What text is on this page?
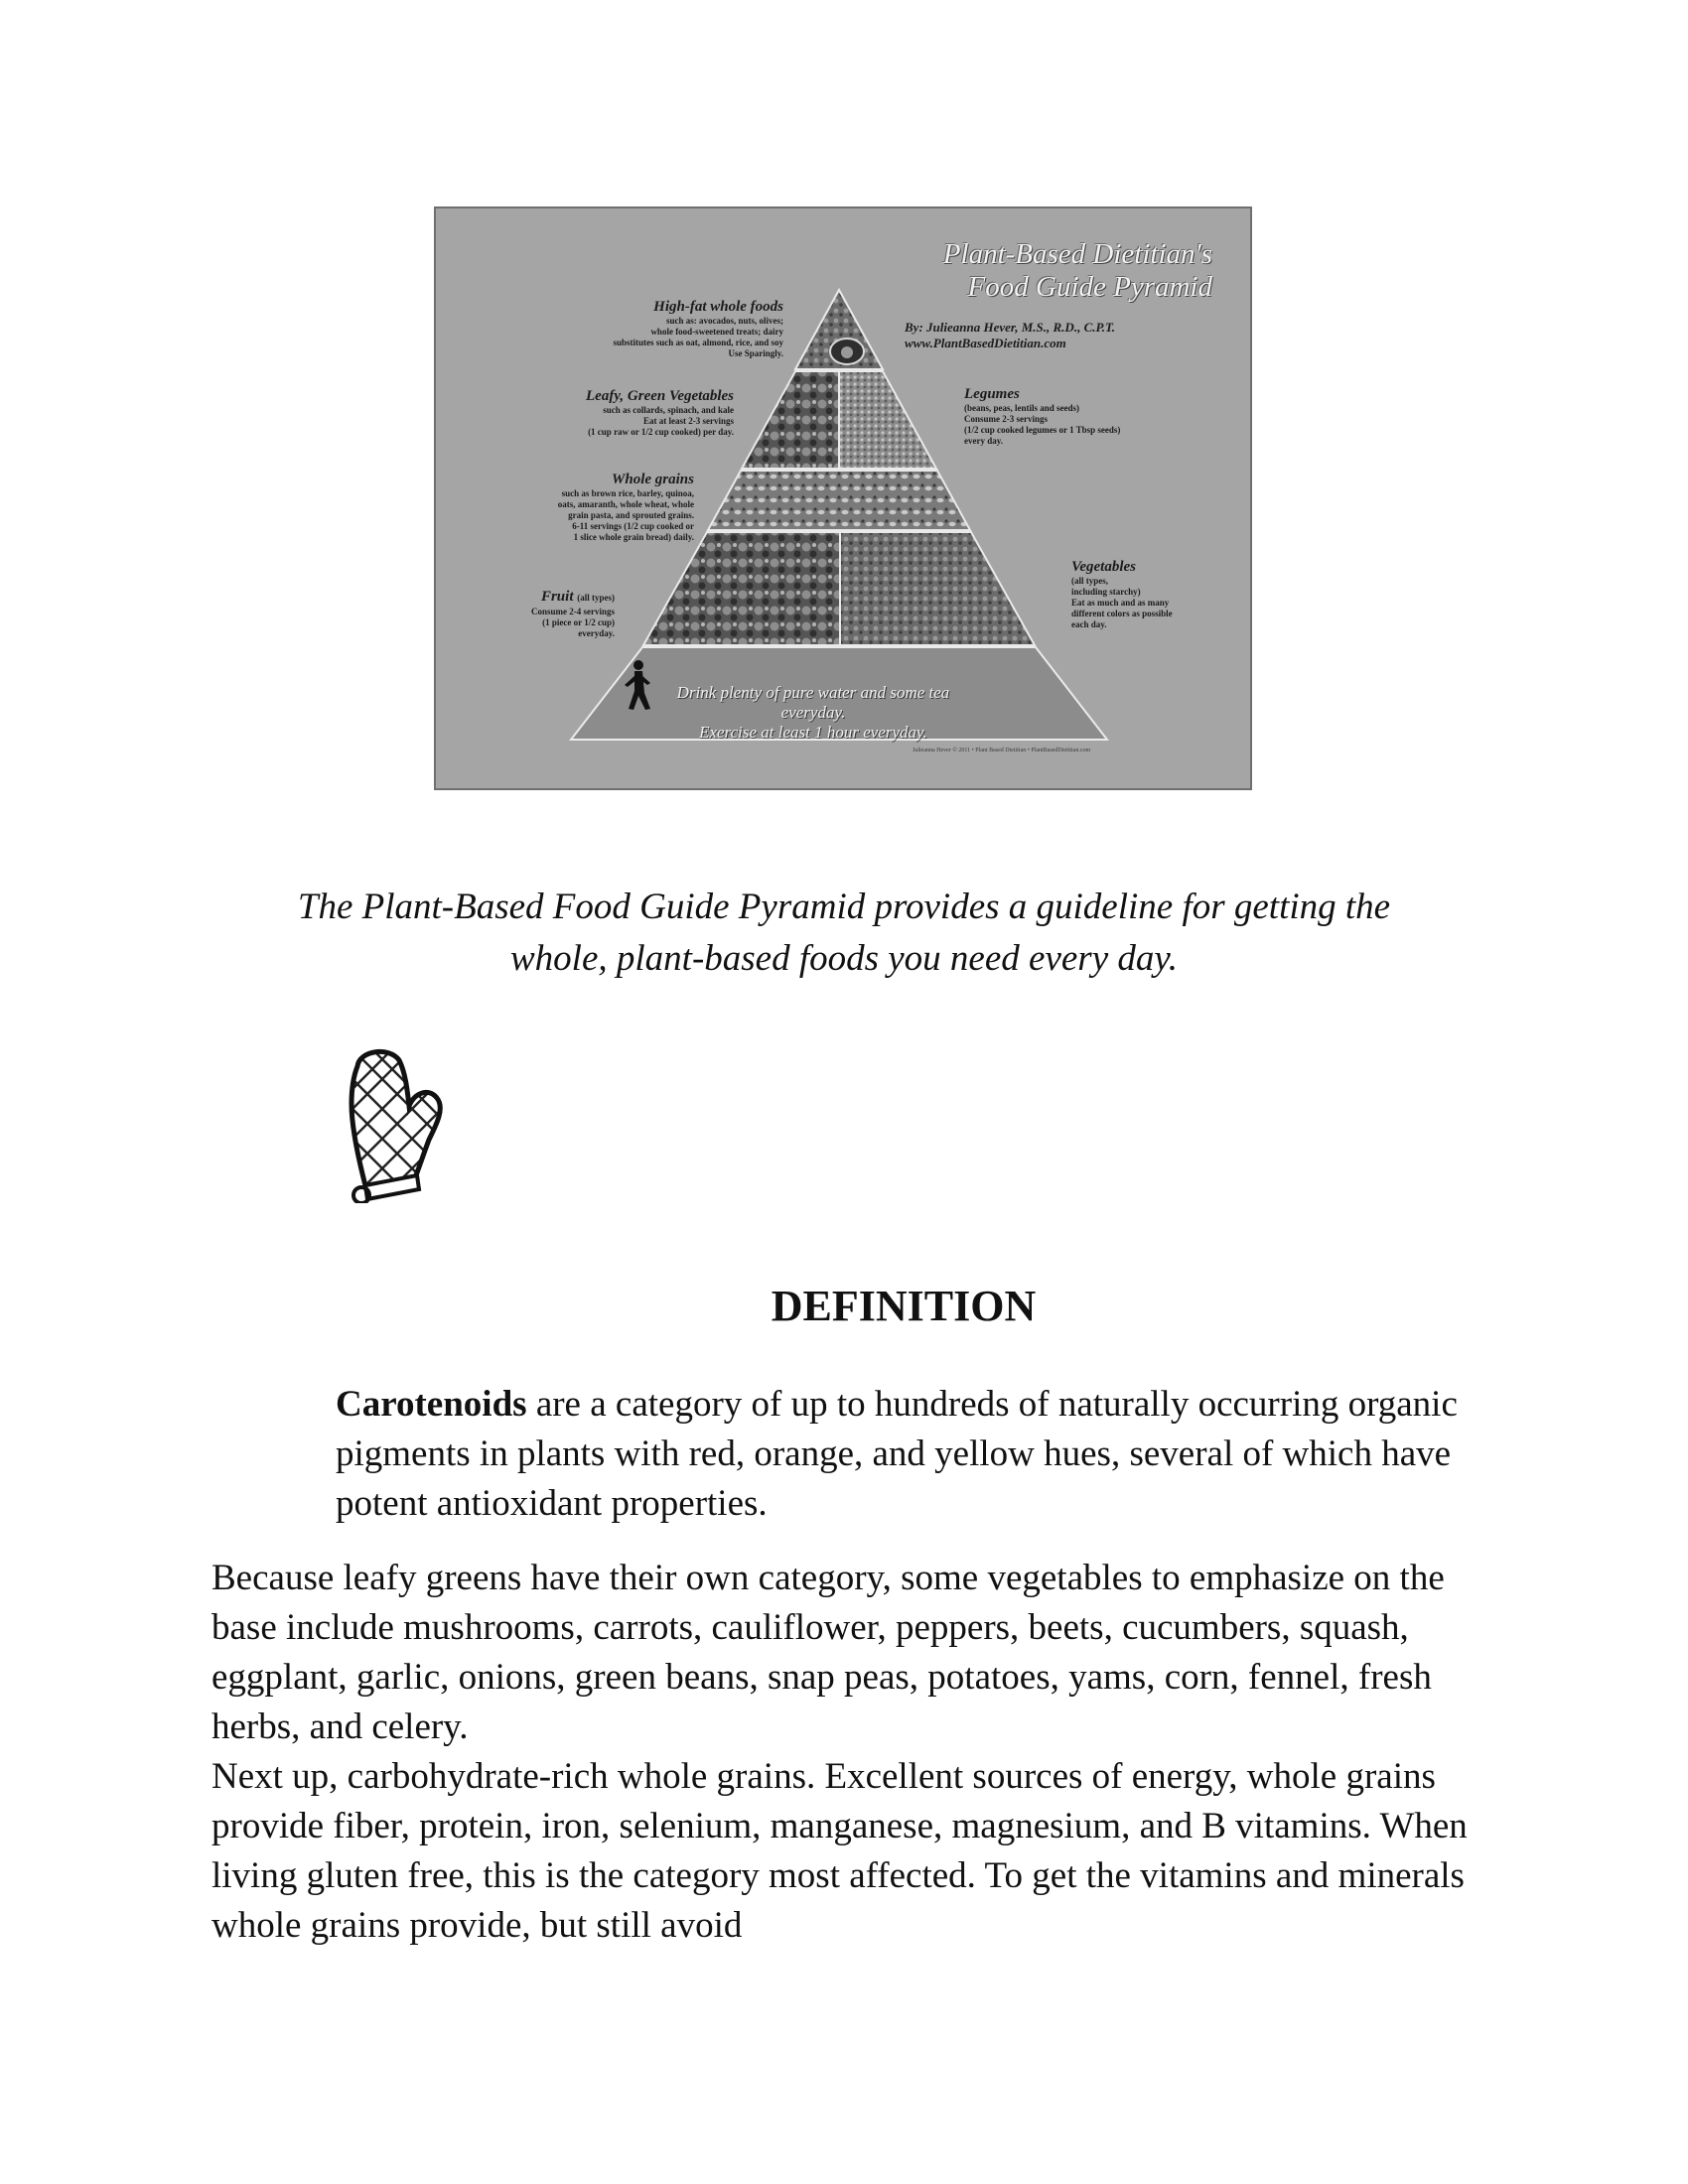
Plant-Based Dietitian's
Food Guide Pyramid
By: Julieanna Hever, M.S., R.D., C.P.T.
www.PlantBasedDietitian.com
High-fat whole foods
such as: avocados, nuts, olives;
whole food-sweetened treats; dairy
substitutes such as oat, almond, rice, and soy
Use Sparingly.
Leafy, Green Vegetables
such as collards, spinach, and kale
Eat at least 2-3 servings
(1 cup raw or 1/2 cup cooked) per day.
Whole grains
such as brown rice, barley, quinoa,
oats, amaranth, whole wheat, whole
grain pasta, and sprouted grains.
6-11 servings (1/2 cup cooked or
1 slice whole grain bread) daily.
Fruit (all types)
Consume 2-4 servings
(1 piece or 1/2 cup)
everyday.
Legumes
(beans, peas, lentils and seeds)
Consume 2-3 servings
(1/2 cup cooked legumes or 1 Tbsp seeds)
every day.
Vegetables
(all types,
including starchy)
Eat as much and as many
different colors as possible
each day.
Drink plenty of pure water and some tea everyday.
Exercise at least 1 hour everyday.
Julieanna Hever © 2011 • Plant Based Dietitian • PlantBasedDietitian.com
The Plant-Based Food Guide Pyramid provides a guideline for getting the
whole, plant-based foods you need every day.
DEFINITION

Carotenoids are a category of up to hundreds of naturally occurring organic pigments in plants with red, orange, and yellow hues, several of which have potent antioxidant properties.

Because leafy greens have their own category, some vegetables to emphasize on the base include mushrooms, carrots, cauliflower, peppers, beets, cucumbers, squash, eggplant, garlic, onions, green beans, snap peas, potatoes, yams, corn, fennel, fresh herbs, and celery.
Next up, carbohydrate-rich whole grains. Excellent sources of energy, whole grains provide fiber, protein, iron, selenium, manganese, magnesium, and B vitamins. When living gluten free, this is the category most affected. To get the vitamins and minerals whole grains provide, but still avoid
